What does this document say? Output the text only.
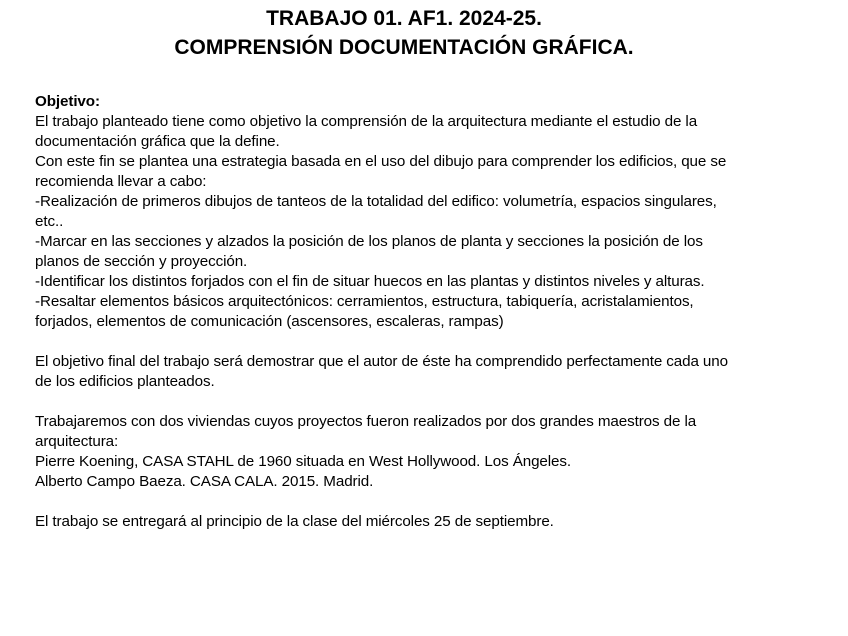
TRABAJO 01. AF1. 2024-25.
COMPRENSIÓN DOCUMENTACIÓN GRÁFICA.
Objetivo:
El trabajo planteado tiene como objetivo la comprensión de la arquitectura mediante el estudio de la
documentación gráfica que la define.
Con este fin se plantea una estrategia basada en el uso del dibujo para comprender los edificios, que se
recomienda llevar a cabo:
-Realización de primeros dibujos de tanteos de la totalidad del edifico: volumetría, espacios singulares,
etc..
-Marcar en las secciones y alzados la posición de los planos de planta y secciones la posición de los
planos de sección y proyección.
-Identificar los distintos forjados con el fin de situar huecos en las plantas y distintos niveles y alturas.
-Resaltar elementos básicos arquitectónicos: cerramientos, estructura, tabiquería, acristalamientos,
forjados, elementos de comunicación (ascensores, escaleras, rampas)
El objetivo final del trabajo será demostrar que el autor de éste ha comprendido perfectamente cada uno
de los edificios planteados.
Trabajaremos con dos viviendas cuyos proyectos fueron realizados por dos grandes maestros de la
arquitectura:
Pierre Koening, CASA STAHL de 1960 situada en West Hollywood. Los Ángeles.
Alberto Campo Baeza. CASA CALA. 2015. Madrid.
El trabajo se entregará al principio de la clase del miércoles 25 de septiembre.
